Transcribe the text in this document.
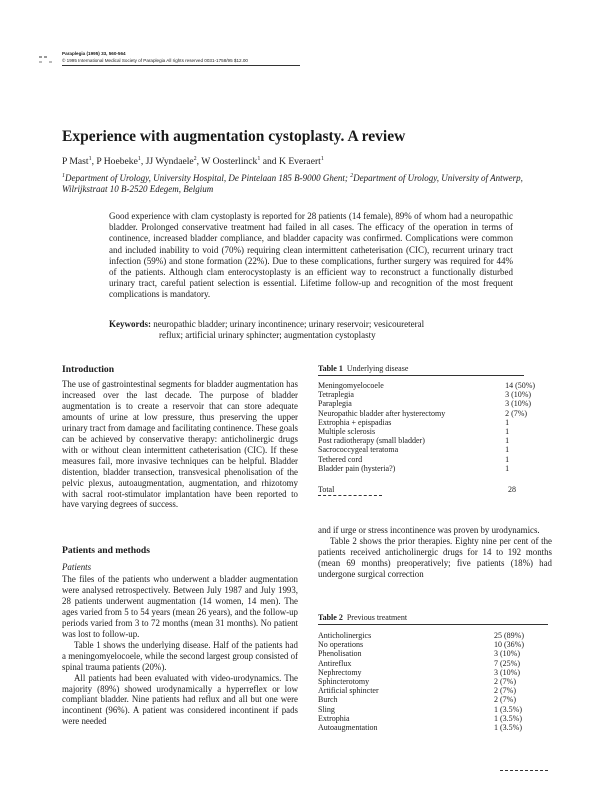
Paraplegia (1995) 33, 560-564
© 1995 International Medical Society of Paraplegia All rights reserved 0031-1758/95 $12.00
Experience with augmentation cystoplasty. A review
P Mast$^1$, P Hoebeke$^1$, JJ Wyndaele$^2$, W Oosterlinck$^1$ and K Everaert$^1$
$^1$Department of Urology, University Hospital, De Pintelaan 185 B-9000 Ghent; $^2$Department of Urology, University of Antwerp, Wilrijkstraat 10 B-2520 Edegem, Belgium
Good experience with clam cystoplasty is reported for 28 patients (14 female), 89% of whom had a neuropathic bladder. Prolonged conservative treatment had failed in all cases. The efficacy of the operation in terms of continence, increased bladder compliance, and bladder capacity was confirmed. Complications were common and included inability to void (70%) requiring clean intermittent catheterisation (CIC), recurrent urinary tract infection (59%) and stone formation (22%). Due to these complications, further surgery was required for 44% of the patients. Although clam enterocystoplasty is an efficient way to reconstruct a functionally disturbed urinary tract, careful patient selection is essential. Lifetime follow-up and recognition of the most frequent complications is mandatory.
Keywords: neuropathic bladder; urinary incontinence; urinary reservoir; vesicoureteral
reflux; artificial urinary sphincter; augmentation cystoplasty
Introduction
The use of gastrointestinal segments for bladder augmentation has increased over the last decade. The purpose of bladder augmentation is to create a reservoir that can store adequate amounts of urine at low pressure, thus preserving the upper urinary tract from damage and facilitating continence. These goals can be achieved by conservative therapy: anticholinergic drugs with or without clean intermittent catheterisation (CIC). If these measures fail, more invasive techniques can be helpful. Bladder distention, bladder transection, transvesical phenolisation of the pelvic plexus, autoaugmentation, augmentation, and rhizotomy with sacral root-stimulator implantation have been reported to have varying degrees of success.
Patients and methods
Patients

The files of the patients who underwent a bladder augmentation were analysed retrospectively. Between July 1987 and July 1993, 28 patients underwent augmentation (14 women, 14 men). The ages varied from 5 to 54 years (mean 26 years), and the follow-up periods varied from 3 to 72 months (mean 31 months). No patient was lost to follow-up.

Table 1 shows the underlying disease. Half of the patients had a meningomyelocoele, while the second largest group consisted of spinal trauma patients (20%).

All patients had been evaluated with video-urodynamics. The majority (89%) showed urodynamically a hyperreflex or low compliant bladder. Nine patients had reflux and all but one were incontinent (96%). A patient was considered incontinent if pads were needed

Table 1 Underlying disease
Meningomyelocoele	14 (50%)
Tetraplegia	3 (10%)
Paraplegia	3 (10%)
Neuropathic bladder after hysterectomy	2 (7%)
Extrophia + epispadias	1
Multiple sclerosis	1
Post radiotherapy (small bladder)	1
Sacrococcygeal teratoma	1
Tethered cord	1
Bladder pain (hysteria?)	1
Total	28

and if urge or stress incontinence was proven by urodynamics.

Table 2 shows the prior therapies. Eighty nine per cent of the patients received anticholinergic drugs for 14 to 192 months (mean 69 months) preoperatively; five patients (18%) had undergone surgical correction

Table 2 Previous treatment
Anticholinergics	25 (89%)
No operations	10 (36%)
Phenolisation	3 (10%)
Antireflux	7 (25%)
Nephrectomy	3 (10%)
Sphincterotomy	2 (7%)
Artificial sphincter	2 (7%)
Burch	2 (7%)
Sling	1 (3.5%)
Extrophia	1 (3.5%)
Autoaugmentation	1 (3.5%)
